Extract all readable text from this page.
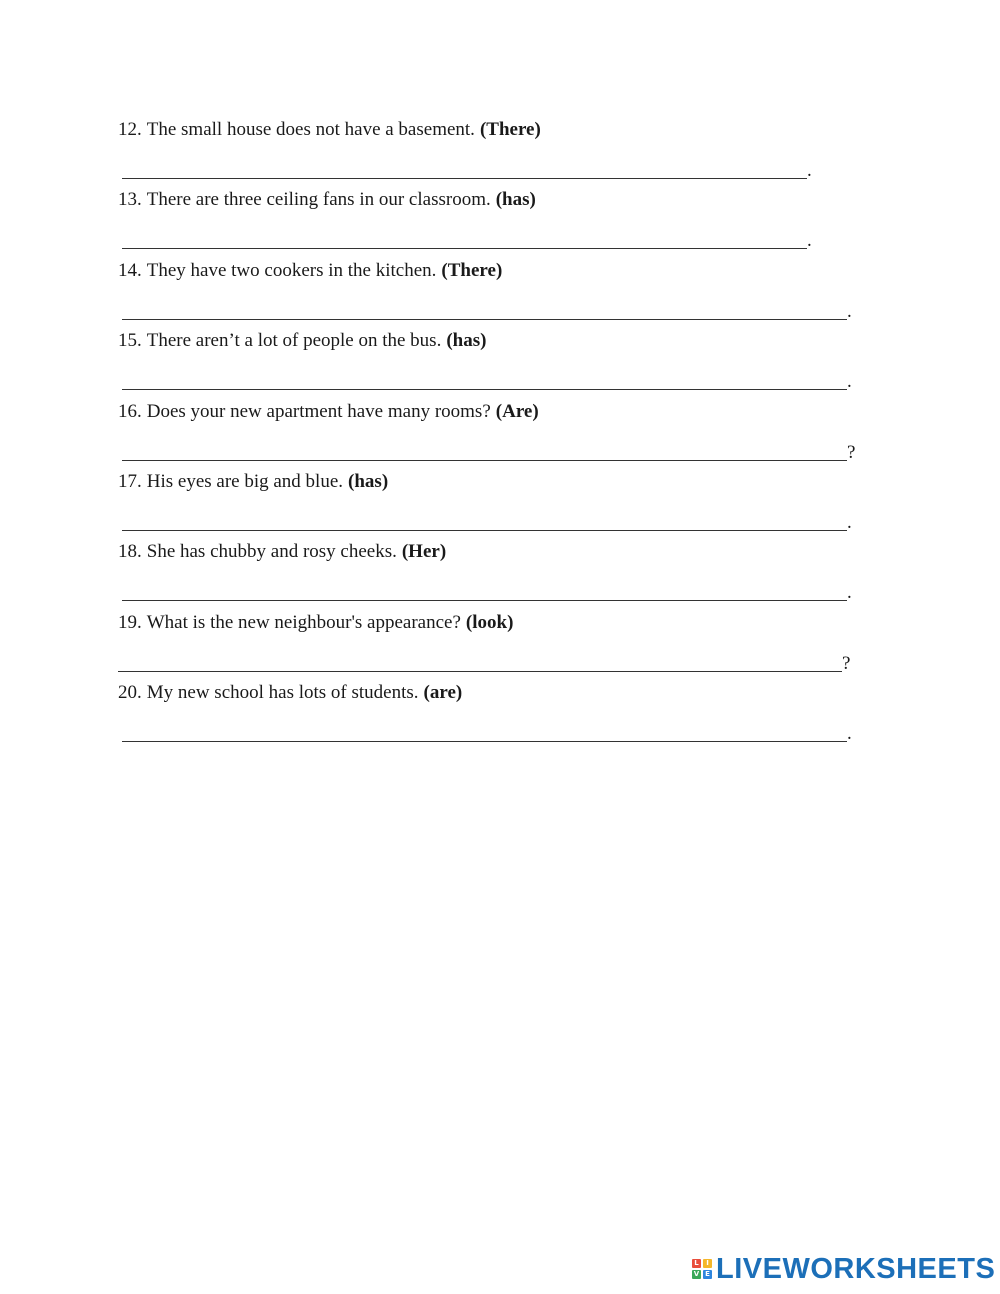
12. The small house does not have a basement. (There)
.
13. There are three ceiling fans in our classroom. (has)
.
14. They have two cookers in the kitchen. (There)
.
15. There aren’t a lot of people on the bus. (has)
.
16. Does your new apartment have many rooms? (Are)
?
17. His eyes are big and blue. (has)
.
18. She has chubby and rosy cheeks. (Her)
.
19. What is the new neighbour's appearance? (look)
?
20. My new school has lots of students. (are)
.
L	I
V E LIVEWORKSHEETS
